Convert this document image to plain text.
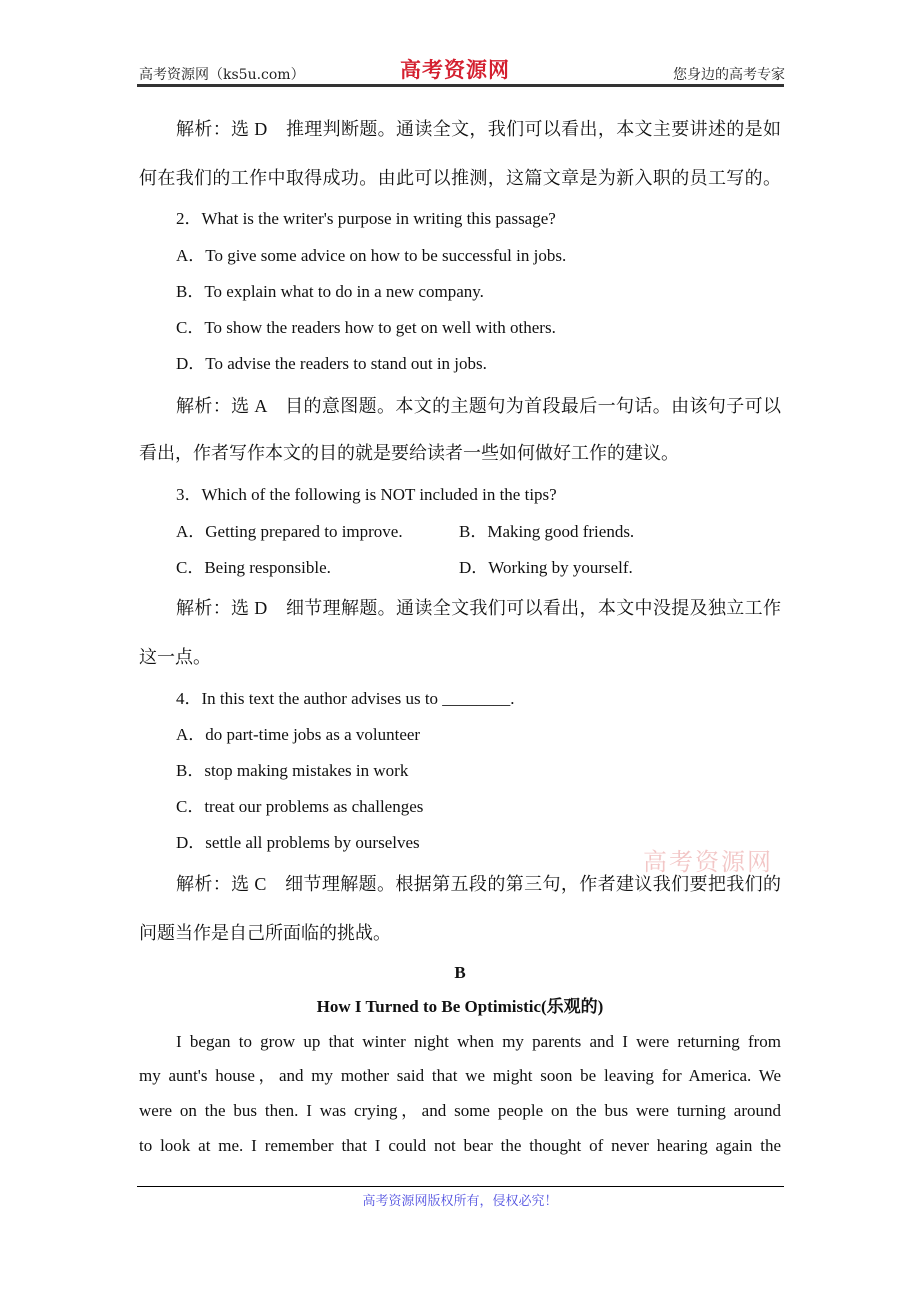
高考资源网（ks5u.com）	高考资源网	您身边的高考专家
解析：选 D　推理判断题。通读全文，我们可以看出，本文主要讲述的是如
何在我们的工作中取得成功。由此可以推测，这篇文章是为新入职的员工写的。
2．What is the writer's purpose in writing this passage?
A．To give some advice on how to be successful in jobs.
B．To explain what to do in a new company.
C．To show the readers how to get on well with others.
D．To advise the readers to stand out in jobs.
解析：选 A　目的意图题。本文的主题句为首段最后一句话。由该句子可以
看出，作者写作本文的目的就是要给读者一些如何做好工作的建议。
3．Which of the following is NOT included in the tips?
A．Getting prepared to improve.	B．Making good friends.
C．Being responsible.	D．Working by yourself.
解析：选 D　细节理解题。通读全文我们可以看出，本文中没提及独立工作
这一点。
4．In this text the author advises us to ________.
A．do part-time jobs as a volunteer
B．stop making mistakes in work
C．treat our problems as challenges
D．settle all problems by ourselves
高考资源网
解析：选 C　细节理解题。根据第五段的第三句，作者建议我们要把我们的
问题当作是自己所面临的挑战。
B
How I Turned to Be Optimistic(乐观的)
I began to grow up that winter night when my parents and I were returning from
my aunt's house，and my mother said that we might soon be leaving for America. We
were on the bus then. I was crying，and some people on the bus were turning around
to look at me. I remember that I could not bear the thought of never hearing again the
高考资源网版权所有，侵权必究！
